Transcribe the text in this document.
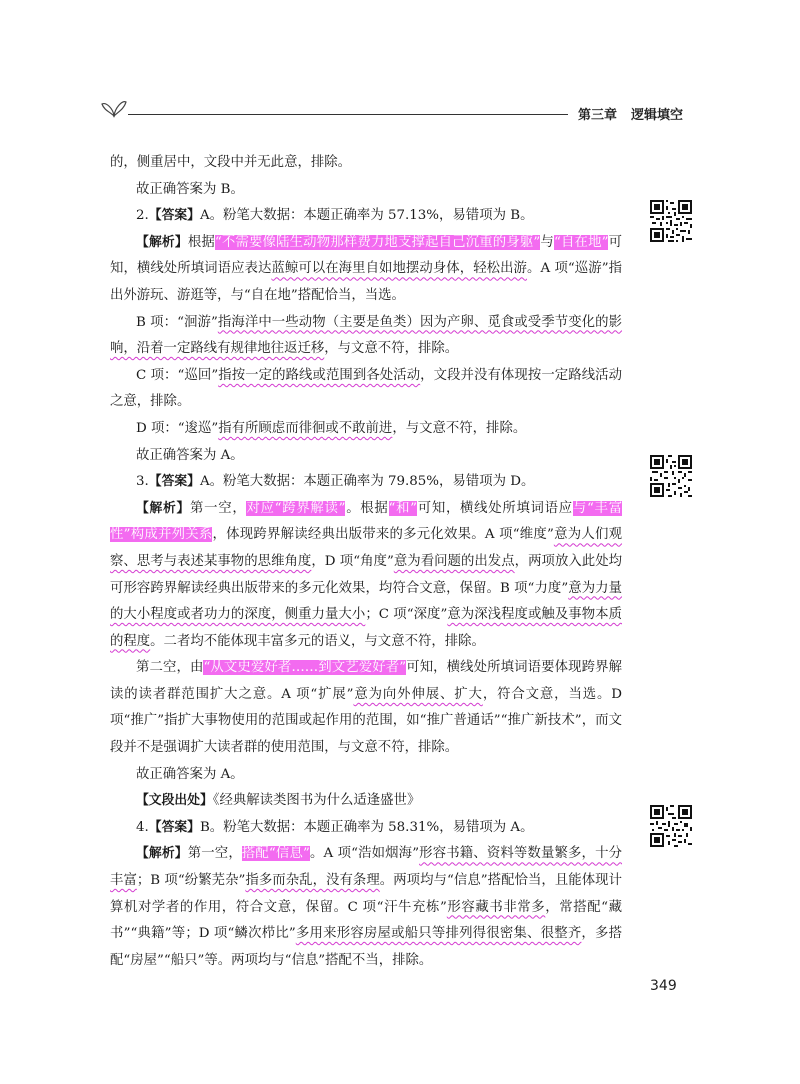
第三章 逻辑填空

的，侧重居中，文段中并无此意，排除。

故正确答案为 B。

2.【答案】A。粉笔大数据：本题正确率为 57.13%，易错项为 B。

【解析】根据“不需要像陆生动物那样费力地支撑起自己沉重的身躯”与“自在地”可知，横线处所填词语应表达蓝鲸可以在海里自如地摆动身体，轻松出游。A 项“巡游”指出外游玩、游逛等，与“自在地”搭配恰当，当选。

B 项：“洄游”指海洋中一些动物（主要是鱼类）因为产卵、觅食或受季节变化的影响，沿着一定路线有规律地往返迁移，与文意不符，排除。

C 项：“巡回”指按一定的路线或范围到各处活动，文段并没有体现按一定路线活动之意，排除。

D 项：“逡巡”指有所顾虑而徘徊或不敢前进，与文意不符，排除。

故正确答案为 A。

3.【答案】A。粉笔大数据：本题正确率为 79.85%，易错项为 D。

【解析】第一空，对应“跨界解读”。根据“和”可知，横线处所填词语应与“丰富性”构成并列关系，体现跨界解读经典出版带来的多元化效果。A 项“维度”意为人们观察、思考与表述某事物的思维角度，D 项“角度”意为看问题的出发点，两项放入此处均可形容跨界解读经典出版带来的多元化效果，均符合文意，保留。B 项“力度”意为力量的大小程度或者功力的深度，侧重力量大小；C 项“深度”意为深浅程度或触及事物本质的程度。二者均不能体现丰富多元的语义，与文意不符，排除。

第二空，由“从文史爱好者……到文艺爱好者”可知，横线处所填词语要体现跨界解读的读者群范围扩大之意。A 项“扩展”意为向外伸展、扩大，符合文意，当选。D 项“推广”指扩大事物使用的范围或起作用的范围，如“推广普通话”“推广新技术”，而文段并不是强调扩大读者群的使用范围，与文意不符，排除。

故正确答案为 A。

【文段出处】《经典解读类图书为什么适逢盛世》

4.【答案】B。粉笔大数据：本题正确率为 58.31%，易错项为 A。

【解析】第一空，搭配“信息”。A 项“浩如烟海”形容书籍、资料等数量繁多，十分丰富；B 项“纷繁芜杂”指多而杂乱，没有条理。两项均与“信息”搭配恰当，且能体现计算机对学者的作用，符合文意，保留。C 项“汗牛充栋”形容藏书非常多，常搭配“藏书”“典籍”等；D 项“鳞次栉比”多用来形容房屋或船只等排列得很密集、很整齐，多搭配“房屋”“船只”等。两项均与“信息”搭配不当，排除。

349
